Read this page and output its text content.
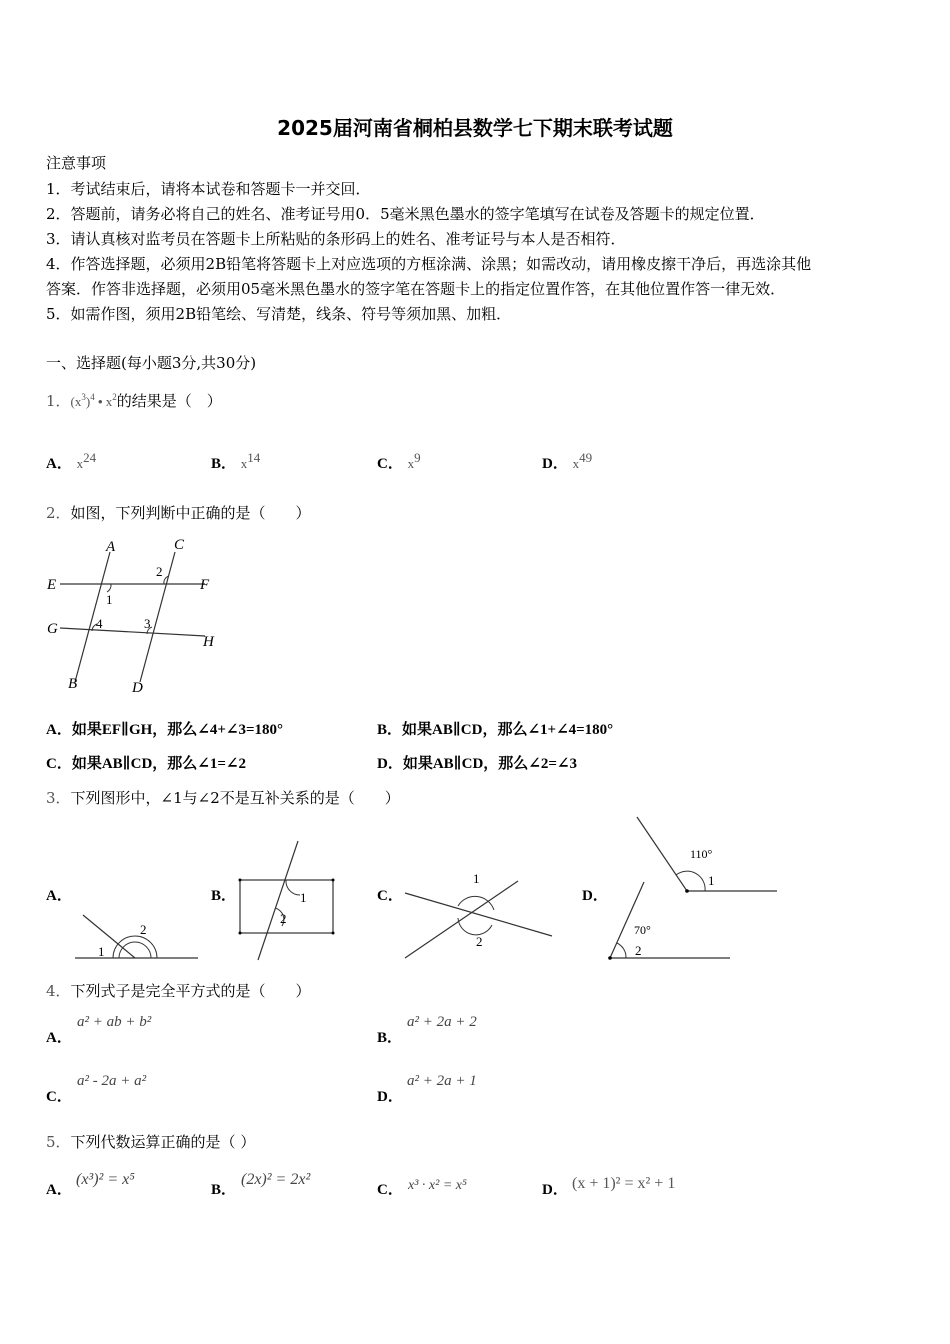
2025届河南省桐柏县数学七下期末联考试题
注意事项
1．考试结束后，请将本试卷和答题卡一并交回．
2．答题前，请务必将自己的姓名、准考证号用0．5毫米黑色墨水的签字笔填写在试卷及答题卡的规定位置．
3．请认真核对监考员在答题卡上所粘贴的条形码上的姓名、准考证号与本人是否相符．
4．作答选择题，必须用2B铅笔将答题卡上对应选项的方框涂满、涂黑；如需改动，请用橡皮擦干净后，再选涂其他
答案．作答非选择题，必须用05毫米黑色墨水的签字笔在答题卡上的指定位置作答，在其他位置作答一律无效．
5．如需作图，须用2B铅笔绘、写清楚，线条、符号等须加黑、加粗．
一、选择题(每小题3分,共30分)
1．$(x^3)^4$ • $x^2$的结果是（　）
A． $x^{24}$	B． $x^{14}$	C． $x^9$	D． $x^{49}$
2．如图，下列判断中正确的是（　　）
A	C
E	F
G
H
B	D
1
2
3
4
A．如果EF∥GH，那么∠4+∠3=180°	B．如果AB∥CD，那么∠1+∠4=180°
C．如果AB∥CD，那么∠1=∠2	D．如果AB∥CD，那么∠2=∠3
3．下列图形中，∠1与∠2不是互补关系的是（　　）
A．
1
2
B．	1
2
C．
1
2
D．
110°
1
70°
2
4．下列式子是完全平方式的是（　　）
A．
a² + ab + b²
B．
a² + 2a + 2
C．
a² - 2a + a²
D．
a² + 2a + 1
5．下列代数运算正确的是（ ）
A．
(x³)² = x⁵
B．
(2x)² = 2x²
C． x³ · x² = x⁵	D． (x + 1)² = x² + 1
